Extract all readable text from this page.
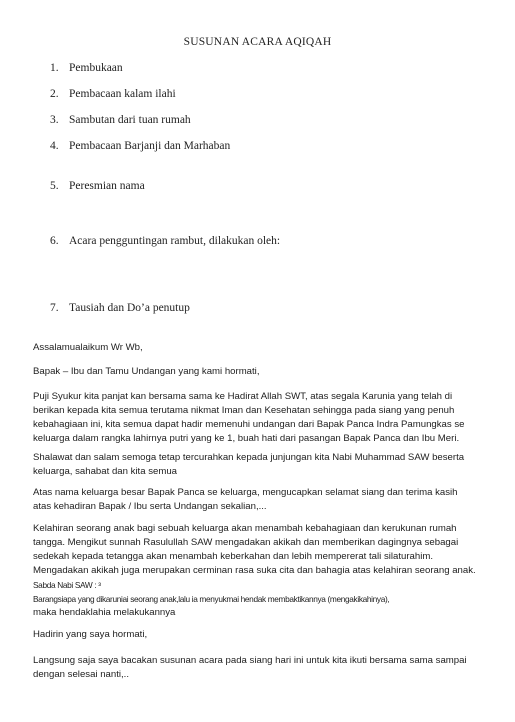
SUSUNAN ACARA AQIQAH
1. Pembukaan
2. Pembacaan kalam ilahi
3. Sambutan dari tuan rumah
4. Pembacaan Barjanji dan Marhaban
5. Peresmian nama
6. Acara pengguntingan rambut, dilakukan oleh:
7. Tausiah dan Do’a penutup
Assalamualaikum Wr Wb,
Bapak – Ibu dan Tamu Undangan yang kami hormati,
Puji Syukur kita panjat kan bersama sama ke Hadirat Allah SWT, atas segala Karunia yang telah di
berikan kepada kita semua terutama nikmat Iman dan Kesehatan sehingga pada siang yang penuh
kebahagiaan ini, kita semua dapat hadir memenuhi undangan dari Bapak Panca Indra Pamungkas se
keluarga dalam rangka lahirnya putri yang ke 1, buah hati dari pasangan Bapak Panca dan Ibu Meri.
Shalawat dan salam semoga tetap tercurahkan kepada junjungan kita Nabi Muhammad SAW beserta
keluarga, sahabat dan kita semua
Atas nama keluarga besar Bapak Panca se keluarga, mengucapkan selamat siang dan terima kasih
atas kehadiran Bapak / Ibu serta Undangan sekalian,...
Kelahiran seorang anak bagi sebuah keluarga akan menambah kebahagiaan dan kerukunan rumah
tangga. Mengikut sunnah Rasulullah SAW mengadakan akikah dan memberikan dagingnya sebagai
sedekah kepada tetangga akan menambah keberkahan dan lebih mempererat tali silaturahim.
Mengadakan akikah juga merupakan cerminan rasa suka cita dan bahagia atas kelahiran seorang anak.
Sabda Nabi SAW : ³
Barangsiapa yang dikaruniai seorang anak,lalu ia menyukmai hendak membaktikannya (mengakikahinya),
maka hendaklahia melakukannya
Hadirin yang saya hormati,
Langsung saja saya bacakan susunan acara pada siang hari ini untuk kita ikuti bersama sama sampai
dengan selesai nanti,..
